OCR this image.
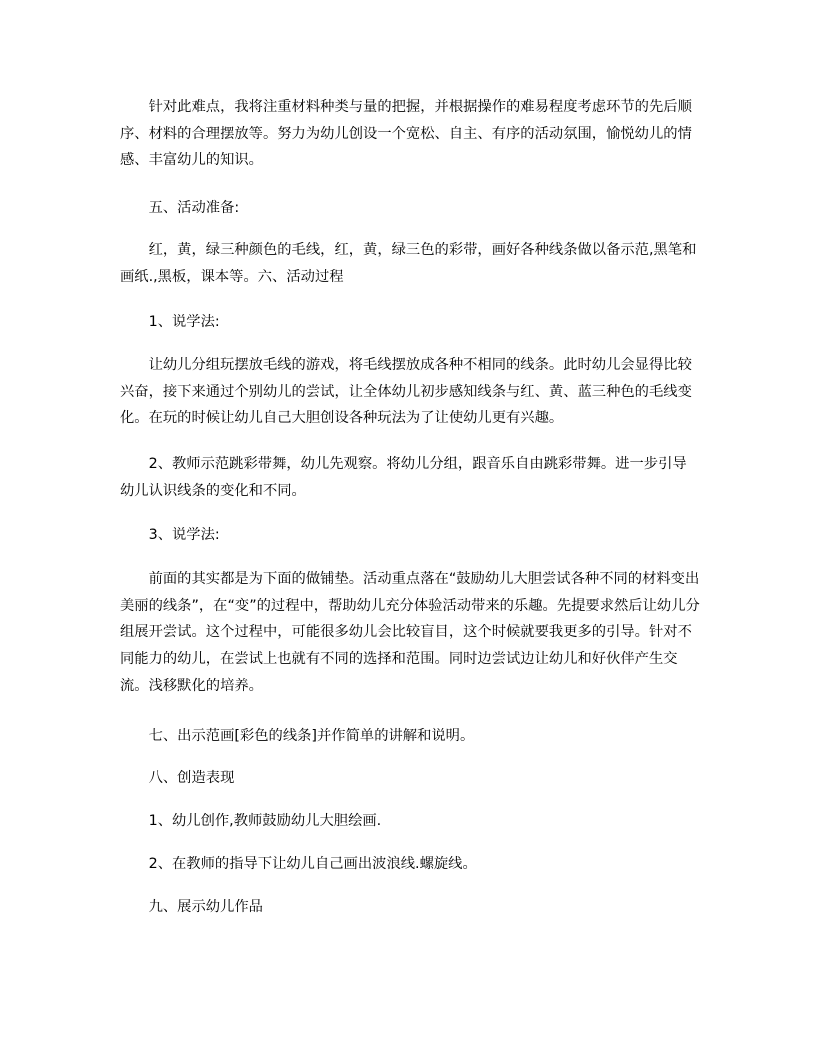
针对此难点，我将注重材料种类与量的把握，并根据操作的难易程度考虑环节的先后顺序、材料的合理摆放等。努力为幼儿创设一个宽松、自主、有序的活动氛围，愉悦幼儿的情感、丰富幼儿的知识。

五、活动准备:

红，黄，绿三种颜色的毛线，红，黄，绿三色的彩带，画好各种线条做以备示范,黑笔和画纸.,黑板，课本等。六、活动过程

1、说学法:

让幼儿分组玩摆放毛线的游戏，将毛线摆放成各种不相同的线条。此时幼儿会显得比较兴奋，接下来通过个别幼儿的尝试，让全体幼儿初步感知线条与红、黄、蓝三种色的毛线变化。在玩的时候让幼儿自己大胆创设各种玩法为了让使幼儿更有兴趣。

2、教师示范跳彩带舞，幼儿先观察。将幼儿分组，跟音乐自由跳彩带舞。进一步引导幼儿认识线条的变化和不同。

3、说学法:

前面的其实都是为下面的做铺垫。活动重点落在“鼓励幼儿大胆尝试各种不同的材料变出美丽的线条”，在“变”的过程中，帮助幼儿充分体验活动带来的乐趣。先提要求然后让幼儿分组展开尝试。这个过程中，可能很多幼儿会比较盲目，这个时候就要我更多的引导。针对不同能力的幼儿，在尝试上也就有不同的选择和范围。同时边尝试边让幼儿和好伙伴产生交流。浅移默化的培养。

七、出示范画[彩色的线条]并作简单的讲解和说明。

八、创造表现

1、幼儿创作,教师鼓励幼儿大胆绘画.

2、在教师的指导下让幼儿自己画出波浪线.螺旋线。

九、展示幼儿作品
